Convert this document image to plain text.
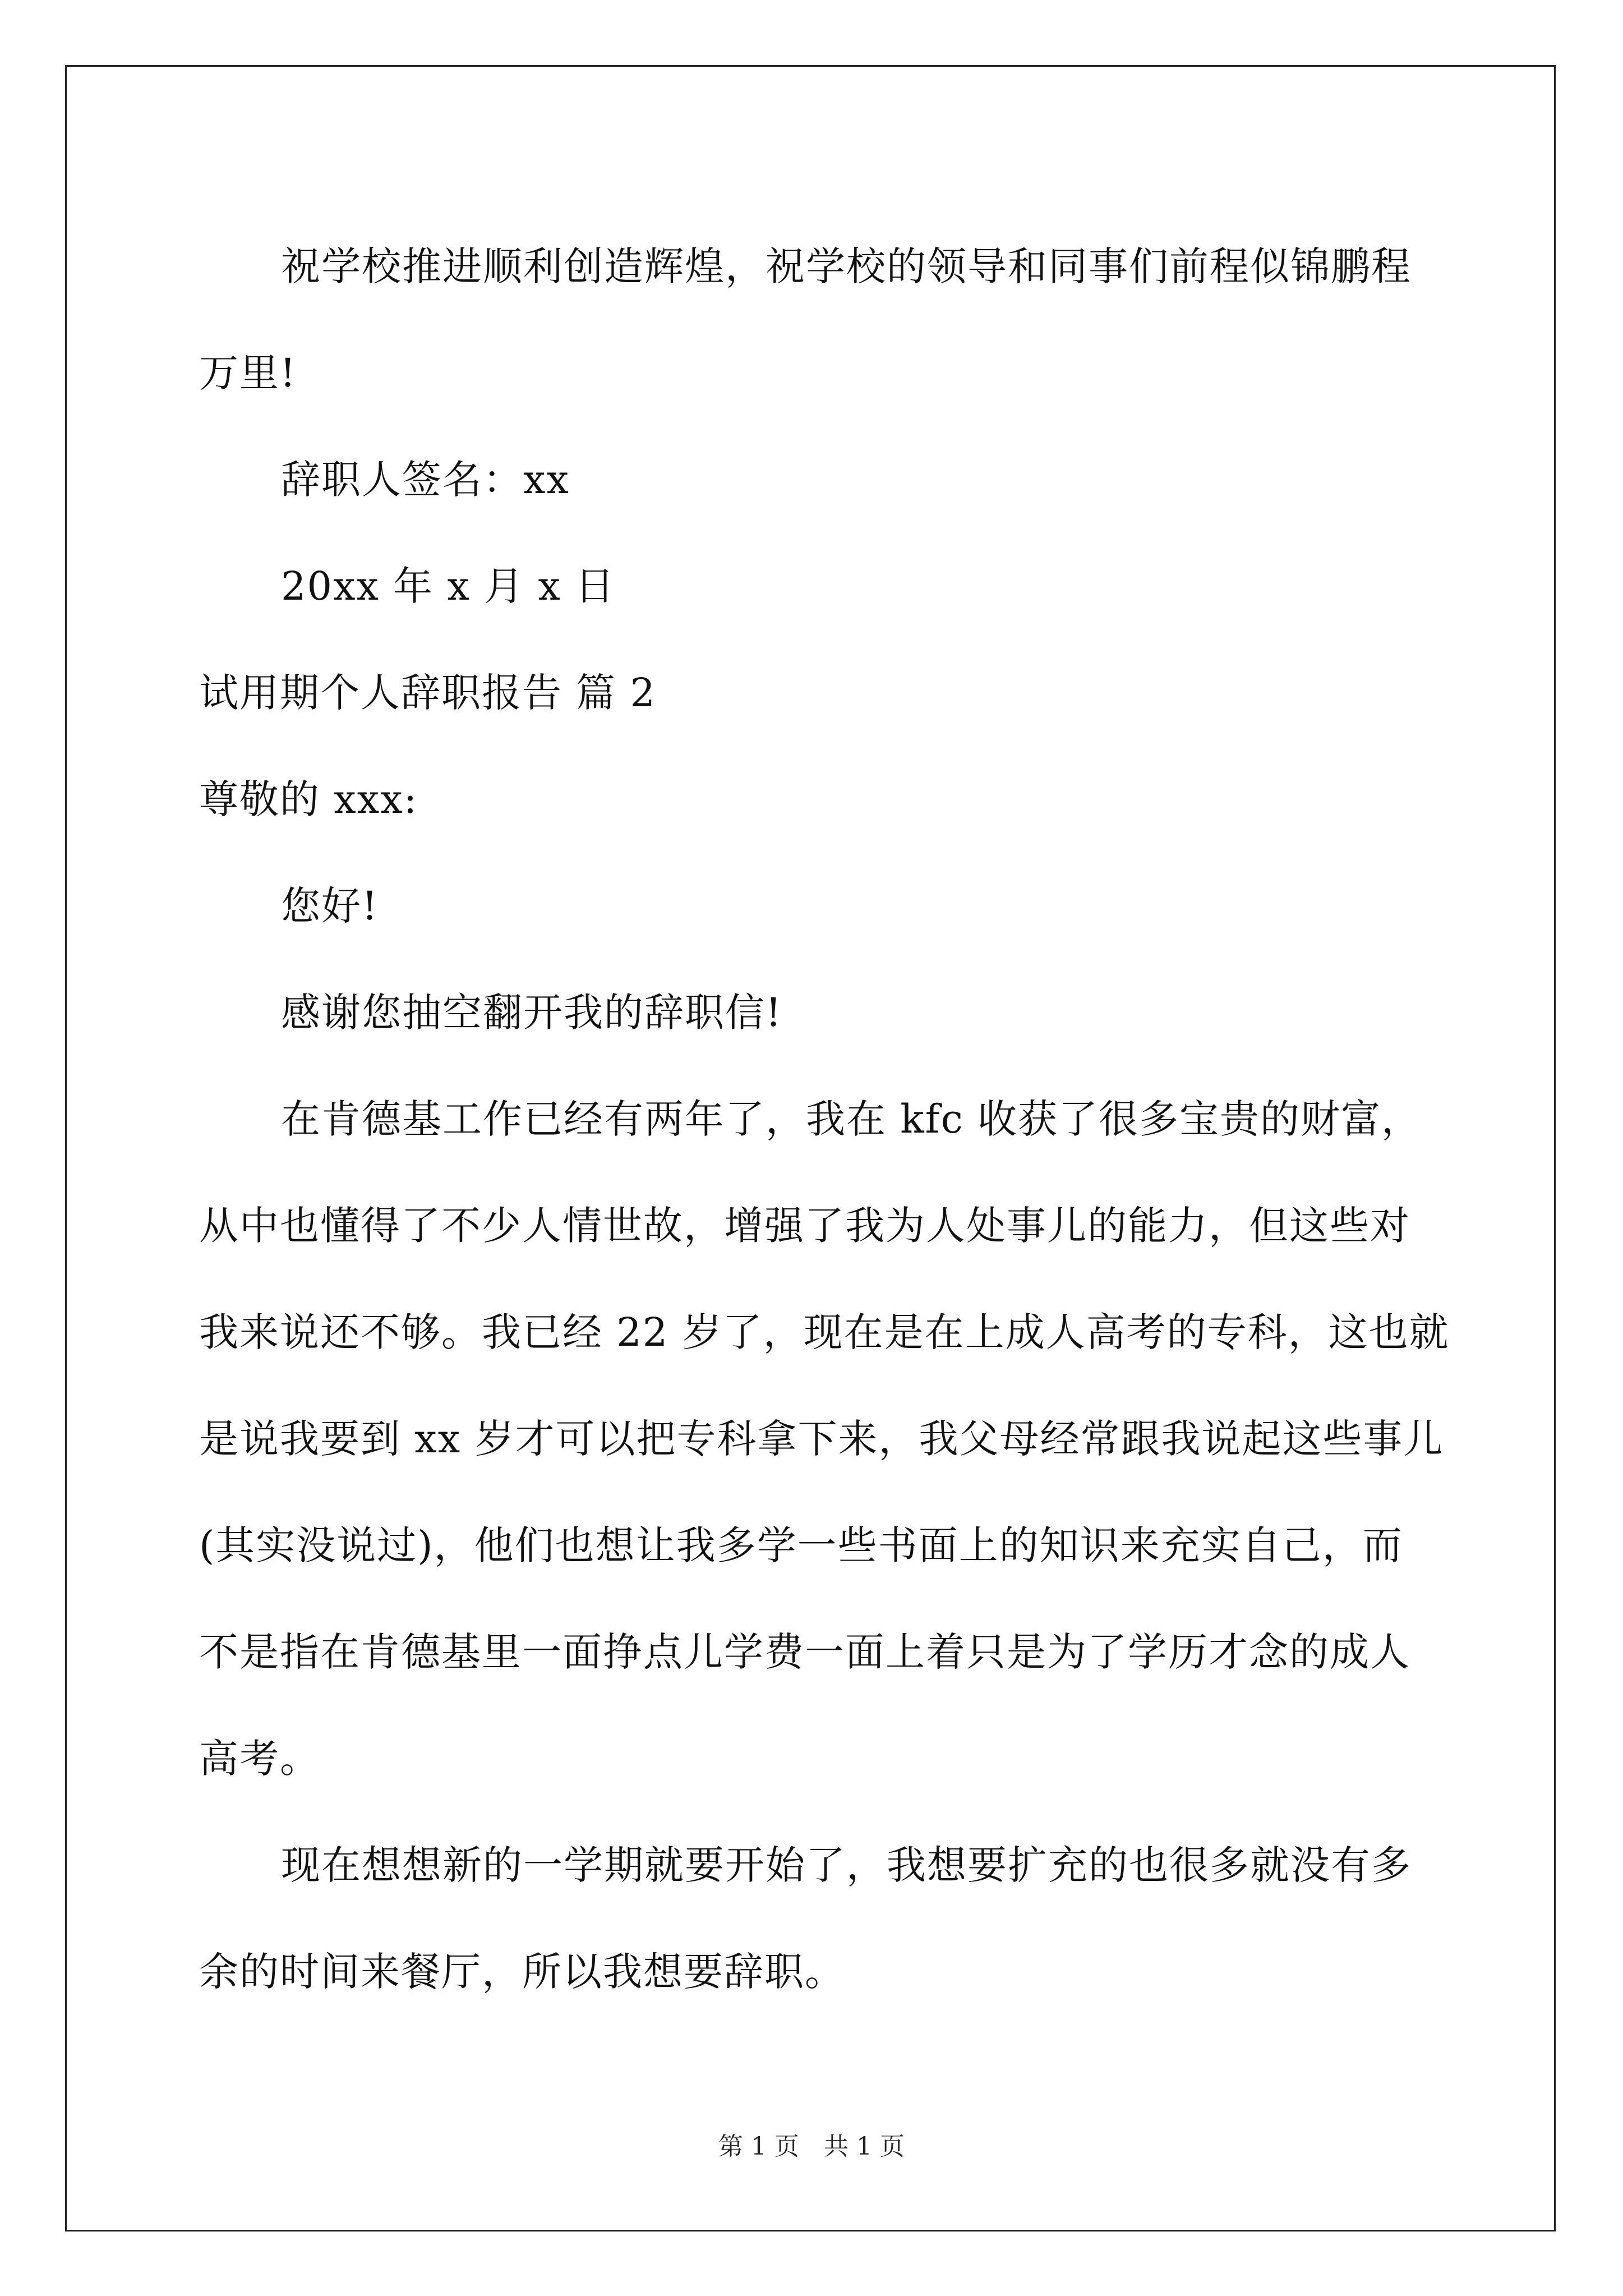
祝学校推进顺利创造辉煌，祝学校的领导和同事们前程似锦鹏程
万里!
辞职人签名：xx
20xx 年 x 月 x 日
试用期个人辞职报告 篇 2
尊敬的 xxx:
您好!
感谢您抽空翻开我的辞职信!
在肯德基工作已经有两年了，我在 kfc 收获了很多宝贵的财富，
从中也懂得了不少人情世故，增强了我为人处事儿的能力，但这些对
我来说还不够。我已经 22 岁了，现在是在上成人高考的专科，这也就
是说我要到 xx 岁才可以把专科拿下来，我父母经常跟我说起这些事儿
(其实没说过)，他们也想让我多学一些书面上的知识来充实自己，而
不是指在肯德基里一面挣点儿学费一面上着只是为了学历才念的成人
高考。
现在想想新的一学期就要开始了，我想要扩充的也很多就没有多
余的时间来餐厅，所以我想要辞职。
第 1 页　共 1 页
